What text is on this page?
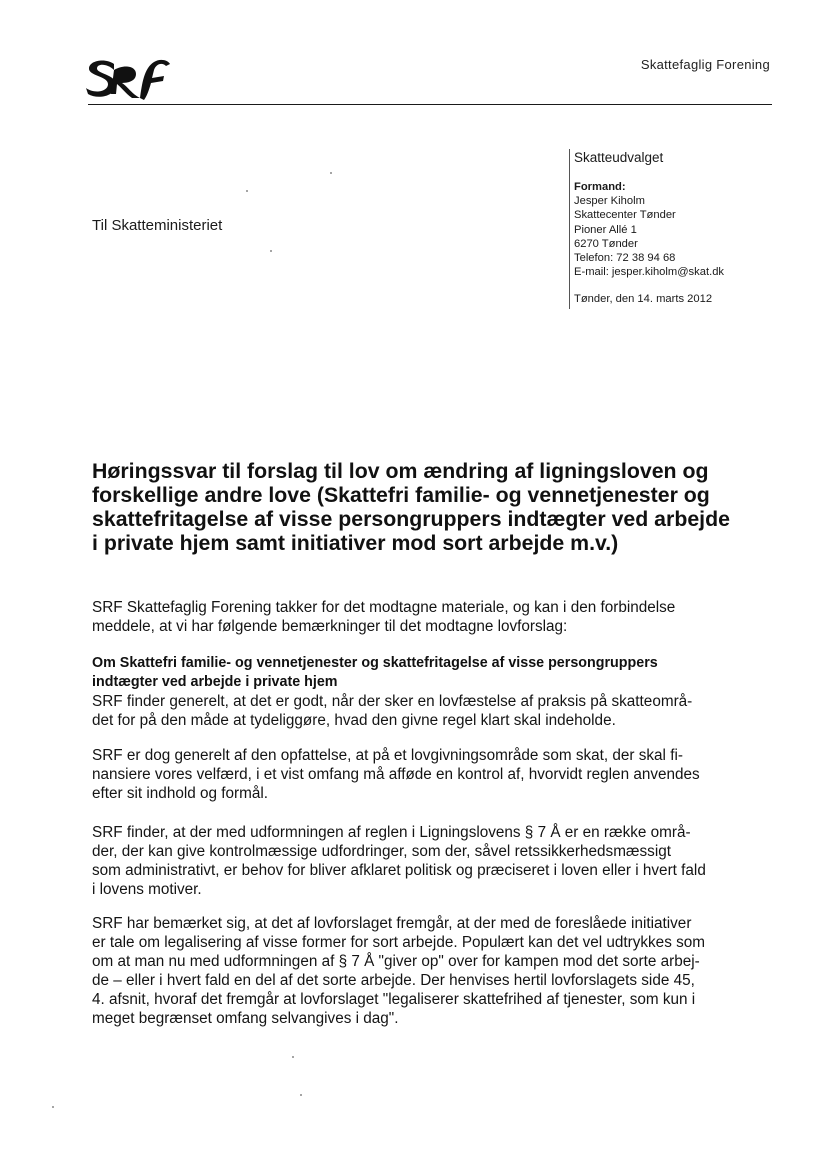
Skattefaglig Forening
Til Skatteministeriet
Skatteudvalget
Formand:
Jesper Kiholm
Skattecenter Tønder
Pioner Allé 1
6270 Tønder
Telefon: 72 38 94 68
E-mail: jesper.kiholm@skat.dk
Tønder, den 14. marts 2012
Høringssvar til forslag til lov om ændring af ligningsloven og
forskellige andre love (Skattefri familie- og vennetjenester og
skattefritagelse af visse persongruppers indtægter ved arbejde
i private hjem samt initiativer mod sort arbejde m.v.)

SRF Skattefaglig Forening takker for det modtagne materiale, og kan i den forbindelse
meddele, at vi har følgende bemærkninger til det modtagne lovforslag:

Om Skattefri familie- og vennetjenester og skattefritagelse af visse persongruppers
indtægter ved arbejde i private hjem

SRF finder generelt, at det er godt, når der sker en lovfæstelse af praksis på skatteområ-
det for på den måde at tydeliggøre, hvad den givne regel klart skal indeholde.

SRF er dog generelt af den opfattelse, at på et lovgivningsområde som skat, der skal fi-
nansiere vores velfærd, i et vist omfang må afføde en kontrol af, hvorvidt reglen anvendes
efter sit indhold og formål.

SRF finder, at der med udformningen af reglen i Ligningslovens § 7 Å er en række områ-
der, der kan give kontrolmæssige udfordringer, som der, såvel retssikkerhedsmæssigt
som administrativt, er behov for bliver afklaret politisk og præciseret i loven eller i hvert fald
i lovens motiver.

SRF har bemærket sig, at det af lovforslaget fremgår, at der med de foreslåede initiativer
er tale om legalisering af visse former for sort arbejde. Populært kan det vel udtrykkes som
om at man nu med udformningen af § 7 Å "giver op" over for kampen mod det sorte arbej-
de – eller i hvert fald en del af det sorte arbejde. Der henvises hertil lovforslagets side 45,
4. afsnit, hvoraf det fremgår at lovforslaget "legaliserer skattefrihed af tjenester, som kun i
meget begrænset omfang selvangives i dag".
